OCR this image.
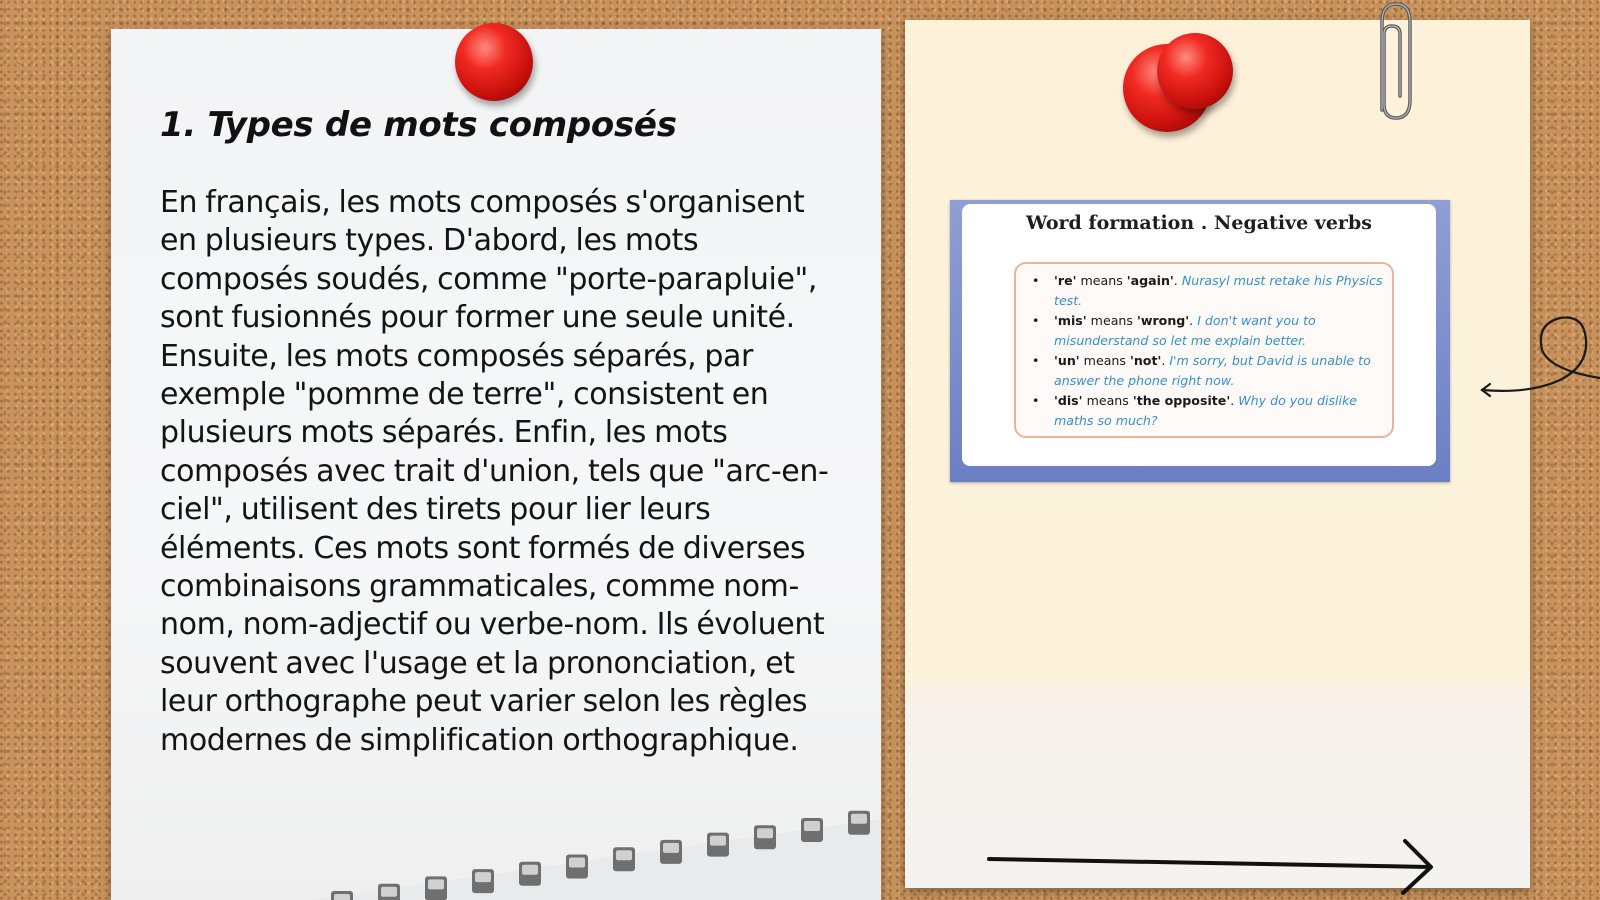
1. Types de mots composés

En français, les mots composés s'organisent en plusieurs types. D'abord, les mots composés soudés, comme "porte-parapluie", sont fusionnés pour former une seule unité. Ensuite, les mots composés séparés, par exemple "pomme de terre", consistent en plusieurs mots séparés. Enfin, les mots composés avec trait d'union, tels que "arc-en-ciel", utilisent des tirets pour lier leurs éléments. Ces mots sont formés de diverses combinaisons grammaticales, comme nom-nom, nom-adjectif ou verbe-nom. Ils évoluent souvent avec l'usage et la prononciation, et leur orthographe peut varier selon les règles modernes de simplification orthographique.

Word formation . Negative verbs
• 're' means 'again'. Nurasyl must retake his Physics test.
• 'mis' means 'wrong'. I don't want you to misunderstand so let me explain better.
• 'un' means 'not'. I'm sorry, but David is unable to answer the phone right now.
• 'dis' means 'the opposite'. Why do you dislike maths so much?
